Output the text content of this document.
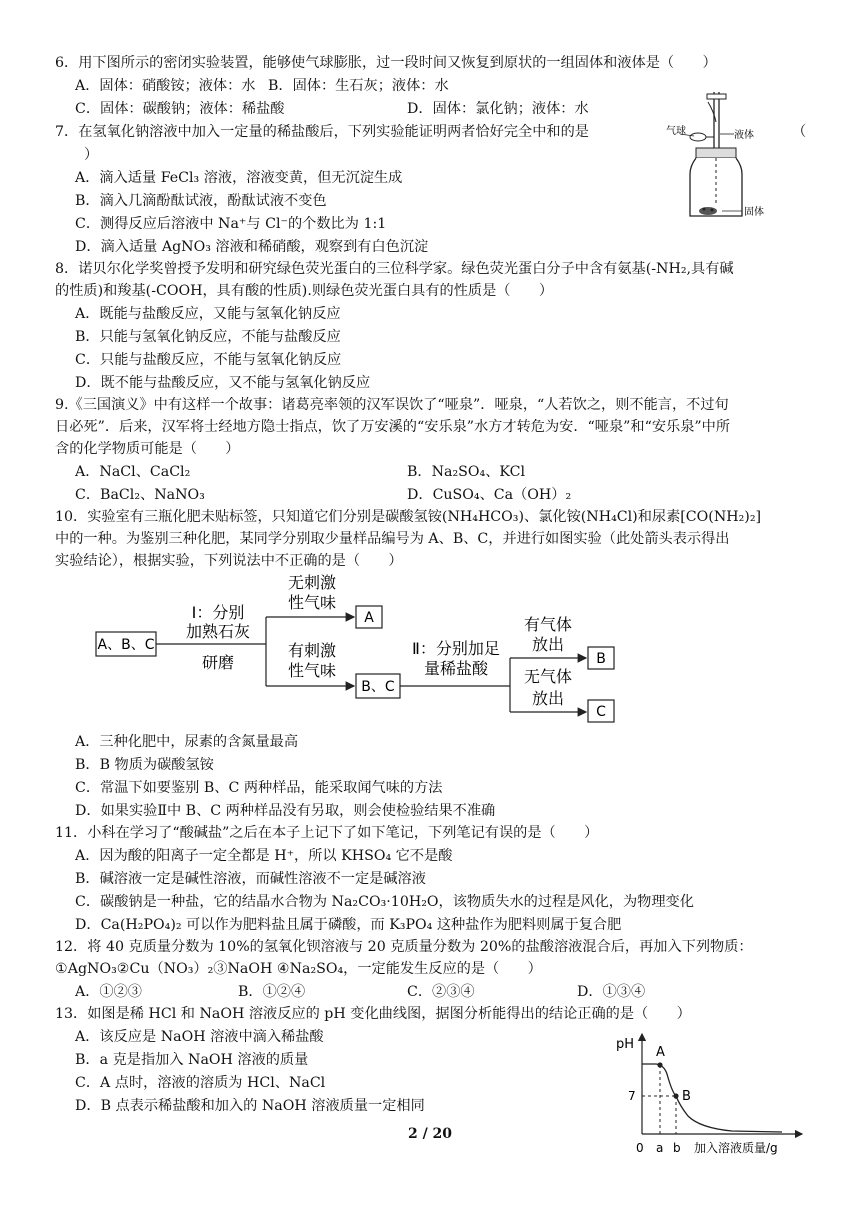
6．用下图所示的密闭实验装置，能够使气球膨胀，过一段时间又恢复到原状的一组固体和液体是（　　）
A．固体：硝酸铵；液体：水 B．固体：生石灰；液体：水
C．固体：碳酸钠；液体：稀盐酸	D．固体：氯化钠；液体：水
7．在氢氧化钠溶液中加入一定量的稀盐酸后，下列实验能证明两者恰好完全中和的是	（
）
A．滴入适量 FeCl₃ 溶液，溶液变黄，但无沉淀生成
B．滴入几滴酚酞试液，酚酞试液不变色
C．测得反应后溶液中 Na⁺与 Cl⁻的个数比为 1:1
D．滴入适量 AgNO₃ 溶液和稀硝酸，观察到有白色沉淀
气球	液体
固体
8．诺贝尔化学奖曾授予发明和研究绿色荧光蛋白的三位科学家。绿色荧光蛋白分子中含有氨基(-NH₂,具有碱
的性质)和羧基(-COOH，具有酸的性质).则绿色荧光蛋白具有的性质是（　　）
A．既能与盐酸反应，又能与氢氧化钠反应
B．只能与氢氧化钠反应，不能与盐酸反应
C．只能与盐酸反应，不能与氢氧化钠反应
D．既不能与盐酸反应，又不能与氢氧化钠反应
9.《三国演义》中有这样一个故事：诸葛亮率领的汉军误饮了“哑泉”．哑泉，“人若饮之，则不能言，不过旬
日必死”．后来，汉军将士经地方隐士指点，饮了万安溪的“安乐泉”水方才转危为安．“哑泉”和“安乐泉”中所
含的化学物质可能是（　　）
A．NaCl、CaCl₂	B．Na₂SO₄、KCl
C．BaCl₂、NaNO₃	D．CuSO₄、Ca（OH）₂
10．实验室有三瓶化肥未贴标签，只知道它们分别是碳酸氢铵(NH₄HCO₃)、氯化铵(NH₄Cl)和尿素[CO(NH₂)₂]
中的一种。为鉴别三种化肥，某同学分别取少量样品编号为 A、B、C，并进行如图实验（此处箭头表示得出
实验结论），根据实验，下列说法中不正确的是（　　）
A、B、C
Ⅰ：分别
加熟石灰
研磨
无刺激
性气味
A
有刺激
性气味
B、C
Ⅱ：分别加足
量稀盐酸
有气体
放出
B
无气体
放出
C
A．三种化肥中，尿素的含氮量最高
B．B 物质为碳酸氢铵
C．常温下如要鉴别 B、C 两种样品，能采取闻气味的方法
D．如果实验Ⅱ中 B、C 两种样品没有另取，则会使检验结果不准确
11．小科在学习了“酸碱盐”之后在本子上记下了如下笔记，下列笔记有误的是（　　）
A．因为酸的阳离子一定全都是 H⁺，所以 KHSO₄ 它不是酸
B．碱溶液一定是碱性溶液，而碱性溶液不一定是碱溶液
C．碳酸钠是一种盐，它的结晶水合物为 Na₂CO₃·10H₂O，该物质失水的过程是风化，为物理变化
D．Ca(H₂PO₄)₂ 可以作为肥料盐且属于磷酸，而 K₃PO₄ 这种盐作为肥料则属于复合肥
12．将 40 克质量分数为 10%的氢氧化钡溶液与 20 克质量分数为 20%的盐酸溶液混合后，再加入下列物质：
①AgNO₃②Cu（NO₃）₂③NaOH ④Na₂SO₄，一定能发生反应的是（　　）
A．①②③	B．①②④	C．②③④	D．①③④
13．如图是稀 HCl 和 NaOH 溶液反应的 pH 变化曲线图，据图分析能得出的结论正确的是（　　）
A．该反应是 NaOH 溶液中滴入稀盐酸
B．a 克是指加入 NaOH 溶液的质量
C．A 点时，溶液的溶质为 HCl、NaCl
D．B 点表示稀盐酸和加入的 NaOH 溶液质量一定相同
pH
7
A
B
0 a b 加入溶液质量/g
2 / 20
